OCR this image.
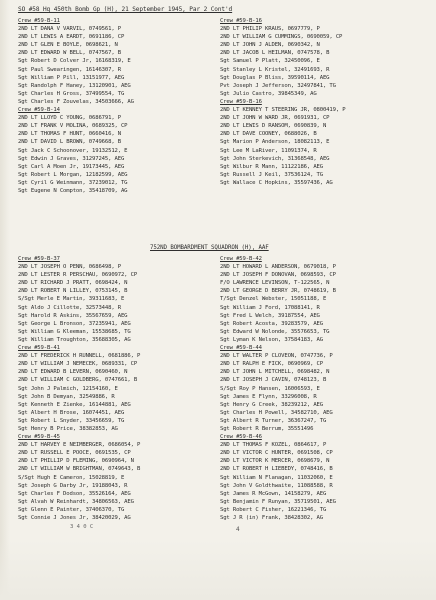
SO #58 Hq 450th Bomb Gp (H), 21 September 1945, Par 2 Cont'd
Crew #59-B-11
2ND LT DANA V VARVIL, 0749561, P
2ND LT LEWIS A EARDT, 0691186, CP
2ND LT GLEN E BOYLE, 0698621, N
2ND LT EDWARD W BELL, 0747567, B
Sgt Robert D Colver Jr, 16168319, E
Sgt Paul Swearingen, 16146307, R
Sgt William P Pill, 13151977, AEG
Sgt Randolph F Haney, 13120901, AEG
Sgt Charles H Gross, 37499554, TG
Sgt Charles F Zouvelas, 34503666, AG
Crew #59-B-14
2ND LT LLOYD C YOUNG, 0686791, P
2ND LT FRANK V MOLINA, 0689325, CP
2ND LT THOMAS F HUNT, 0660416, N
2ND LT DAVID L BROWN, 0749668, B
Sgt Jack C Schoonover, 19132512, E
Sgt Edwin J Graves, 31297245, AEG
Sgt Carl A Moen Jr, 19173445, AEG
Sgt Robert L Morgan, 12182599, AEG
Sgt Cyril G Weinmann, 37239012, TG
Sgt Eugene N Compton, 35418709, AG
Crew #59-B-16
2ND LT PHILIP KRAUS, 0697779, P
2ND LT WILLIAM G CUMMINGS, 0690059, CP
2ND LT JOHN J ALDEN, 0690342, N
2ND LT JACOB L HEILMAN, 0747578, B
Sgt Samuel P Platt, 32450096, E
Sgt Stanley L Kristel, 32491693, R
Sgt Douglas P Bliss, 39590114, AEG
Pvt Joseph J Jefferson, 32497841, TG
Sgt Julio Castro, 39845349, AG
Crew #59-B-16
2ND LT KENNEY T STEERING JR, 0800419, P
2ND LT JOHN W WARD JR, 0691931, CP
2ND LT LEWIS D RANSOM, 0690839, N
2ND LT DAVE COONEY, 0688026, B
Sgt Marion P Anderson, 18082113, E
Sgt Lee M LaRiver, 11091374, R
Sgt John Sterkevich, 31368548, AEG
Sgt Wilbur R Mann, 11122186, AEG
Sgt Russell J Keil, 37536124, TG
Sgt Wallace C Hopkins, 35597436, AG
752ND BOMBARDMENT SQUADRON (H), AAF
Crew #59-B-37
2ND LT JOSEPH O PENN, 0686498, P
2ND LT LESTER R PERSCHAU, 0690972, CP
2ND LT RICHARD J PRATT, 0698424, N
2ND LT ROBERT N LILLEY, 0753145, B
S/Sgt Merle E Martin, 39311683, E
Sgt Aldo J Cillotte, 32573448, R
Sgt Harold R Askins, 35567659, AEG
Sgt George L Bronson, 37235941, AEG
Sgt William G Kleeman, 15538685, TG
Sgt William Troughton, 35688305, AG
Crew #59-B-41
2ND LT FREDERICK H RUNNELL, 0681886, P
2ND LT WILLIAM J NEMECEK, 0689331, CP
2ND LT EDWARD B LEVERN, 0690460, N
2ND LT WILLIAM C GOLDBERG, 0747661, B
Sgt John J Palmich, 12154160, E
Sgt John B Demyan, 32549886, R
Sgt Kenneth E Zienke, 16144881, AEG
Sgt Albert H Brose, 16074451, AEG
Sgt Robert L Snyder, 33456659, TG
Sgt Henry B Price, 38382853, AG
Crew #59-B-45
2ND LT HARVEY E NEIMBERGER, 0686054, P
2ND LT RUSSELL E POOCE, 0691535, CP
2ND LT PHILLIP D FLEMING, 0690964, N
2ND LT WILLIAM W BRIGHTMAN, 0749643, B
S/Sgt Hugh E Cameron, 15028819, E
Sgt Joseph G Darby Jr, 19188043, R
Sgt Charles F Dodson, 35526164, AEG
Sgt Alvah W Reinhardt, 34806563, AEG
Sgt Glenn E Painter, 37406370, TG
Sgt Connie J Jones Jr, 38420029, AG
Crew #59-B-42
2ND LT HOWARD L ANDERSON, 0679018, P
2ND LT JOSEPH F DONOVAN, 0698593, CP
F/O LAWRENCE LEVINSON, T-122565, N
2ND LT GEORGE D BERRY JR, 0748619, B
T/Sgt Denzel Webster, 15051188, E
Sgt William J Ford, 17088141, R
Sgt Fred L Welch, 39187554, AEG
Sgt Robert Acosta, 39283579, AEG
Sgt Edward W Nolonde, 35576653, TG
Sgt Lyman K Nelson, 37584183, AG
Crew #59-B-44
2ND LT WALTER P CLOVEON, 0747736, P
2ND LT RALPH E FICK, 0690969, CP
2ND LT JOHN L MITCHELL, 0698482, N
2ND LT JOSEPH J CAVIN, 0748123, B
S/Sgt Roy P Hansen, 16006593, E
Sgt James E Flynn, 33296008, R
Sgt Henry G Creek, 38239212, AEG
Sgt Charles H Powell, 34582710, AEG
Sgt Albert R Turner, 36367247, TG
Sgt Robert R Berrum, 35551496
Crew #59-B-46
2ND LT THOMAS F KOZEL, 0864617, P
2ND LT VICTOR C HUNTER, 0691508, CP
2ND LT VICTOR K MERCER, 0698679, N
2ND LT ROBERT H LIEBEDY, 0748416, B
Sgt William N Flanagan, 11032060, E
Sgt John V Goldthwaite, 11088588, R
Sgt James R McGown, 14158279, AEG
Sgt Benjamin F Runyan, 35719501, AEG
Sgt Robert C Fisher, 16221346, TG
Sgt J R (in) Frank, 38428302, AG
3 4 0 C	4
